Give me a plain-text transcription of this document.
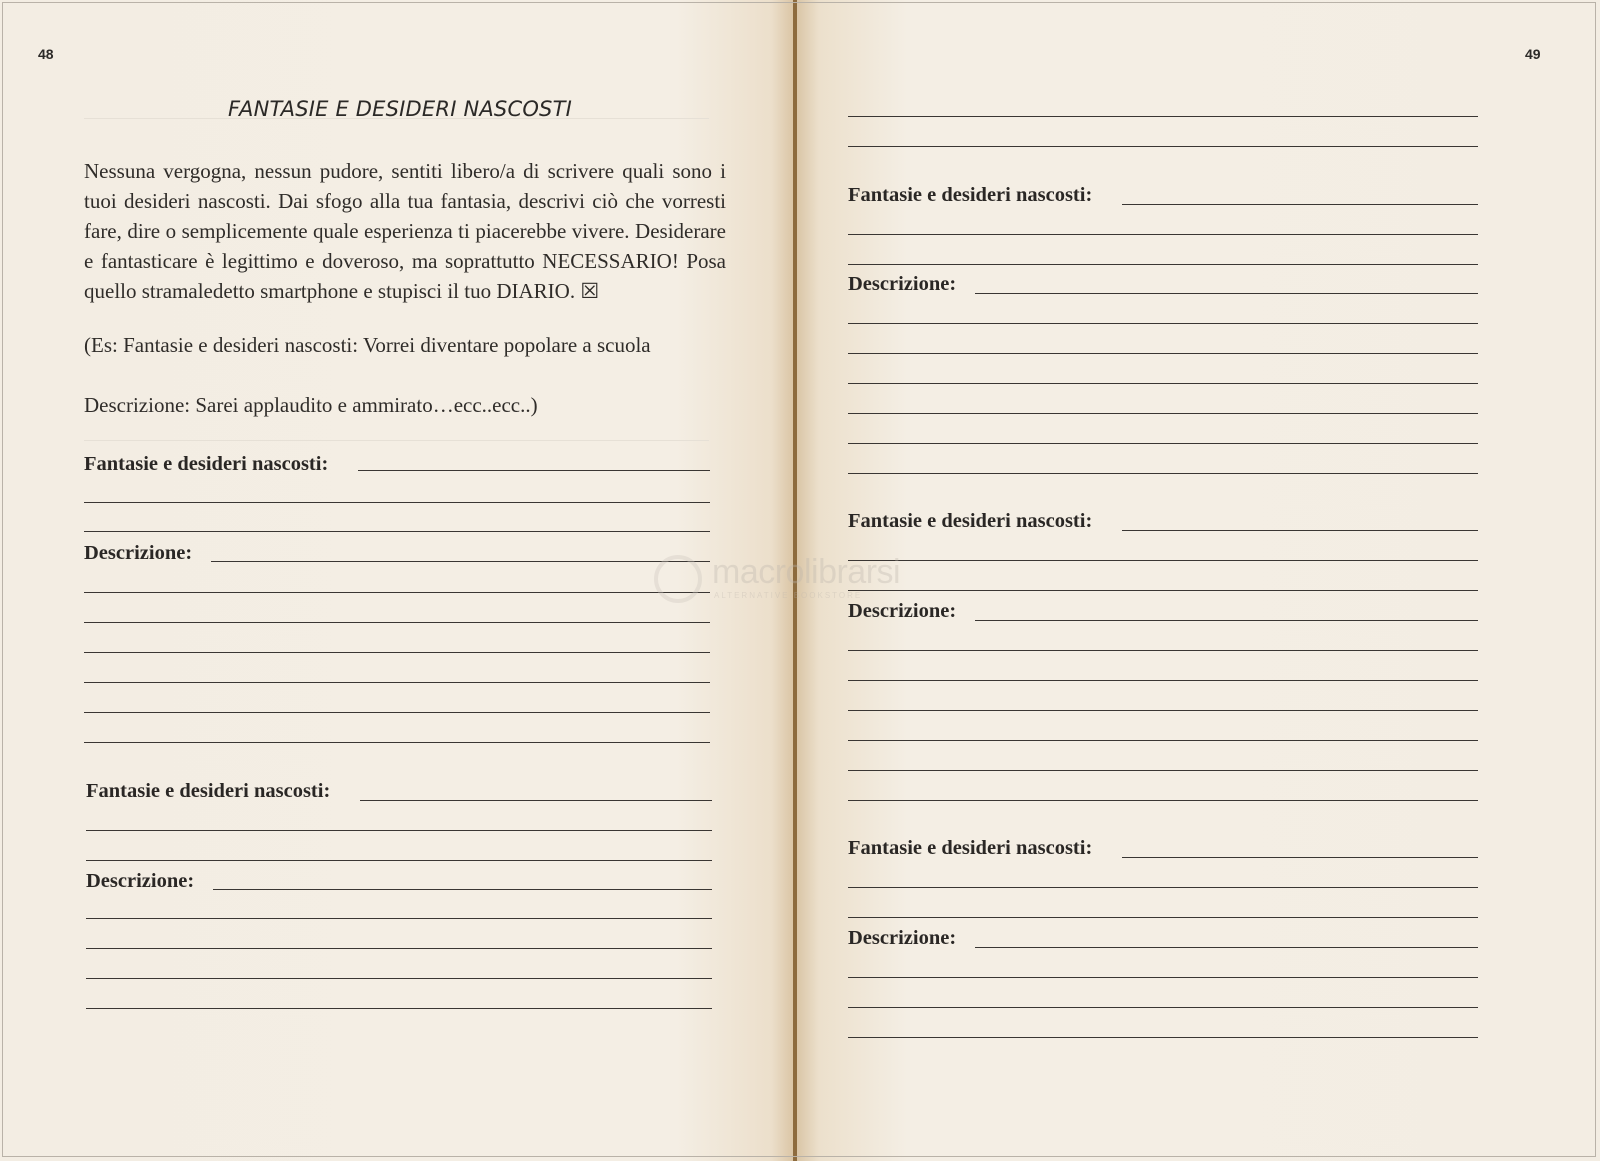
48
FANTASIE E DESIDERI NASCOSTI
Nessuna vergogna, nessun pudore, sentiti libero/a di scrivere quali sono i tuoi desideri nascosti. Dai sfogo alla tua fantasia, descrivi ciò che vorresti fare, dire o semplicemente quale esperienza ti piacerebbe vivere. Desiderare e fantasticare è legittimo e doveroso, ma soprattutto NECESSARIO! Posa quello stramaledetto smartphone e stupisci il tuo DIARIO. ☒
(Es: Fantasie e desideri nascosti: Vorrei diventare popolare a scuola
Descrizione: Sarei applaudito e ammirato…ecc..ecc..)
Fantasie e desideri nascosti:
Descrizione:
Fantasie e desideri nascosti:
Descrizione:
49
Fantasie e desideri nascosti:
Descrizione:
Fantasie e desideri nascosti:
Descrizione:
Fantasie e desideri nascosti:
Descrizione:
macrolibrarsi
ALTERNATIVE BOOKSTORE
